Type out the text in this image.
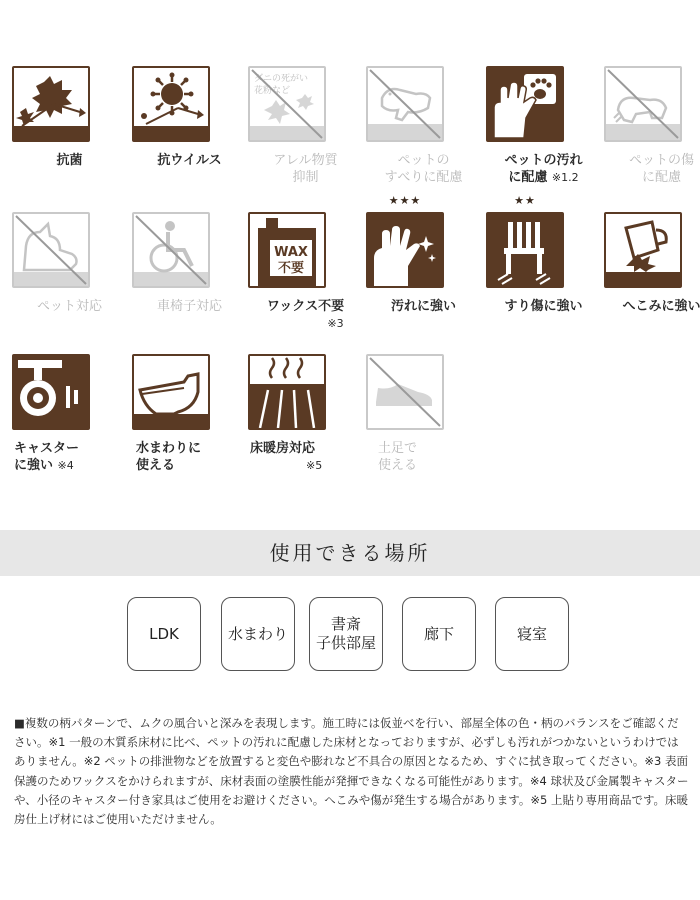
抗菌	抗ウイルス
ダニの死がい
花粉など
アレル物質
抑制
ペットの
すべりに配慮
ペットの汚れ
に配慮 ※1.2
ペットの傷
に配慮
ペット対応	車椅子対応
WAX
不要
ワックス不要
※3
★★★
汚れに強い
★★
すり傷に強い	へこみに強い
キャスター
に強い ※4
水まわりに
使える
床暖房対応
※5
土足で
使える
使用できる場所
LDK	水まわり
書斎
子供部屋
廊下	寝室
■複数の柄パターンで、ムクの風合いと深みを表現します。施工時には仮並べを行い、部屋全体の色・柄のバランスをご確認ください。※1 一般の木質系床材に比べ、ペットの汚れに配慮した床材となっておりますが、必ずしも汚れがつかないというわけではありません。※2 ペットの排泄物などを放置すると変色や膨れなど不具合の原因となるため、すぐに拭き取ってください。※3 表面保護のためワックスをかけられますが、床材表面の塗膜性能が発揮できなくなる可能性があります。※4 球状及び金属製キャスターや、小径のキャスター付き家具はご使用をお避けください。へこみや傷が発生する場合があります。※5 上貼り専用商品です。床暖房仕上げ材にはご使用いただけません。
